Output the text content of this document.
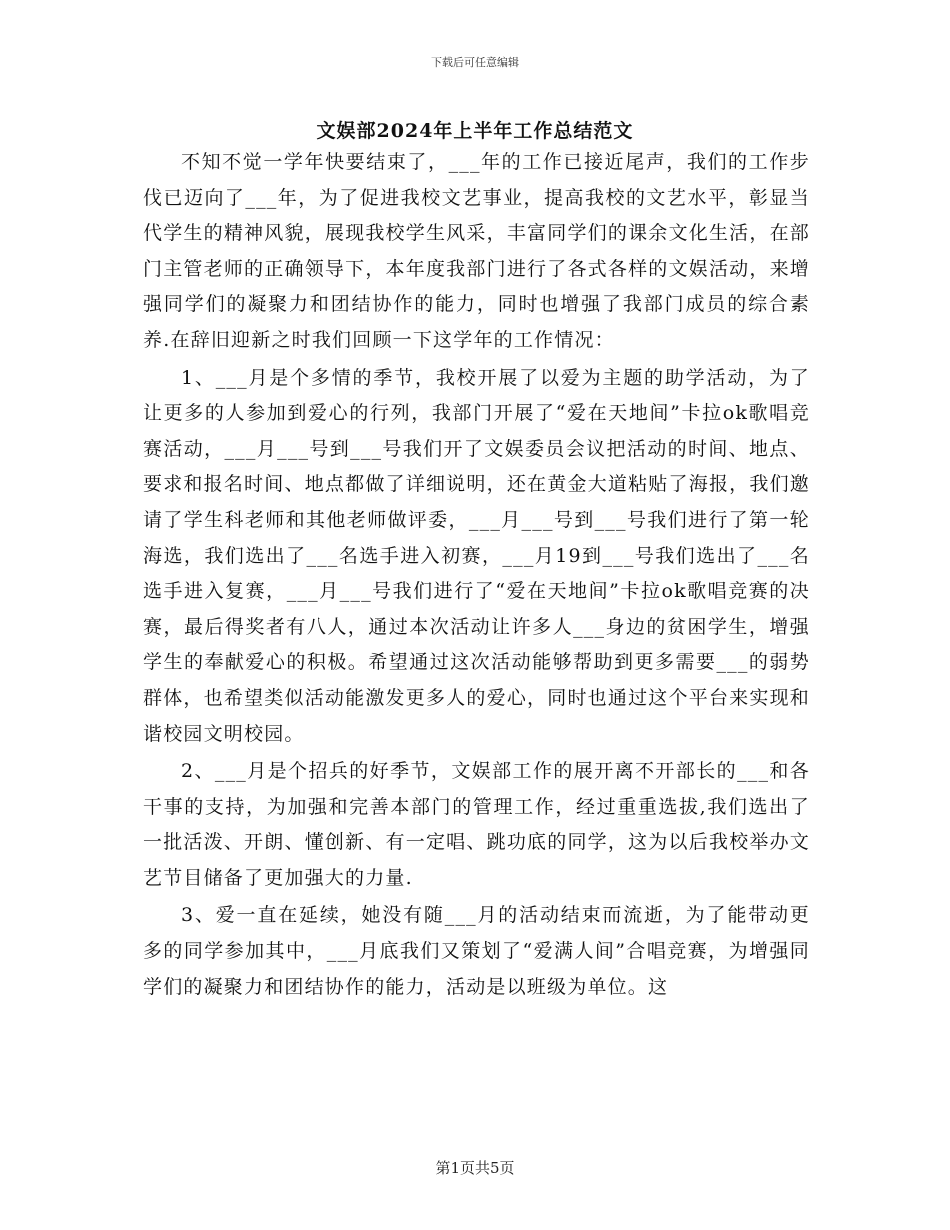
下载后可任意编辑
文娱部2024年上半年工作总结范文

不知不觉一学年快要结束了，___年的工作已接近尾声，我们的工作步伐已迈向了___年，为了促进我校文艺事业，提高我校的文艺水平，彰显当代学生的精神风貌，展现我校学生风采，丰富同学们的课余文化生活，在部门主管老师的正确领导下，本年度我部门进行了各式各样的文娱活动，来增强同学们的凝聚力和团结协作的能力，同时也增强了我部门成员的综合素养.在辞旧迎新之时我们回顾一下这学年的工作情况：

1、___月是个多情的季节，我校开展了以爱为主题的助学活动，为了让更多的人参加到爱心的行列，我部门开展了“爱在天地间”卡拉ok歌唱竞赛活动，___月___号到___号我们开了文娱委员会议把活动的时间、地点、要求和报名时间、地点都做了详细说明，还在黄金大道粘贴了海报，我们邀请了学生科老师和其他老师做评委，___月___号到___号我们进行了第一轮海选，我们选出了___名选手进入初赛，___月19到___号我们选出了___名选手进入复赛，___月___号我们进行了“爱在天地间”卡拉ok歌唱竞赛的决赛，最后得奖者有八人，通过本次活动让许多人___身边的贫困学生，增强学生的奉献爱心的积极。希望通过这次活动能够帮助到更多需要___的弱势群体，也希望类似活动能激发更多人的爱心，同时也通过这个平台来实现和谐校园文明校园。

2、___月是个招兵的好季节，文娱部工作的展开离不开部长的___和各干事的支持，为加强和完善本部门的管理工作，经过重重选拔,我们选出了一批活泼、开朗、懂创新、有一定唱、跳功底的同学，这为以后我校举办文艺节目储备了更加强大的力量.

3、爱一直在延续，她没有随___月的活动结束而流逝，为了能带动更多的同学参加其中，___月底我们又策划了“爱满人间”合唱竞赛，为增强同学们的凝聚力和团结协作的能力，活动是以班级为单位。这

第1页共5页
